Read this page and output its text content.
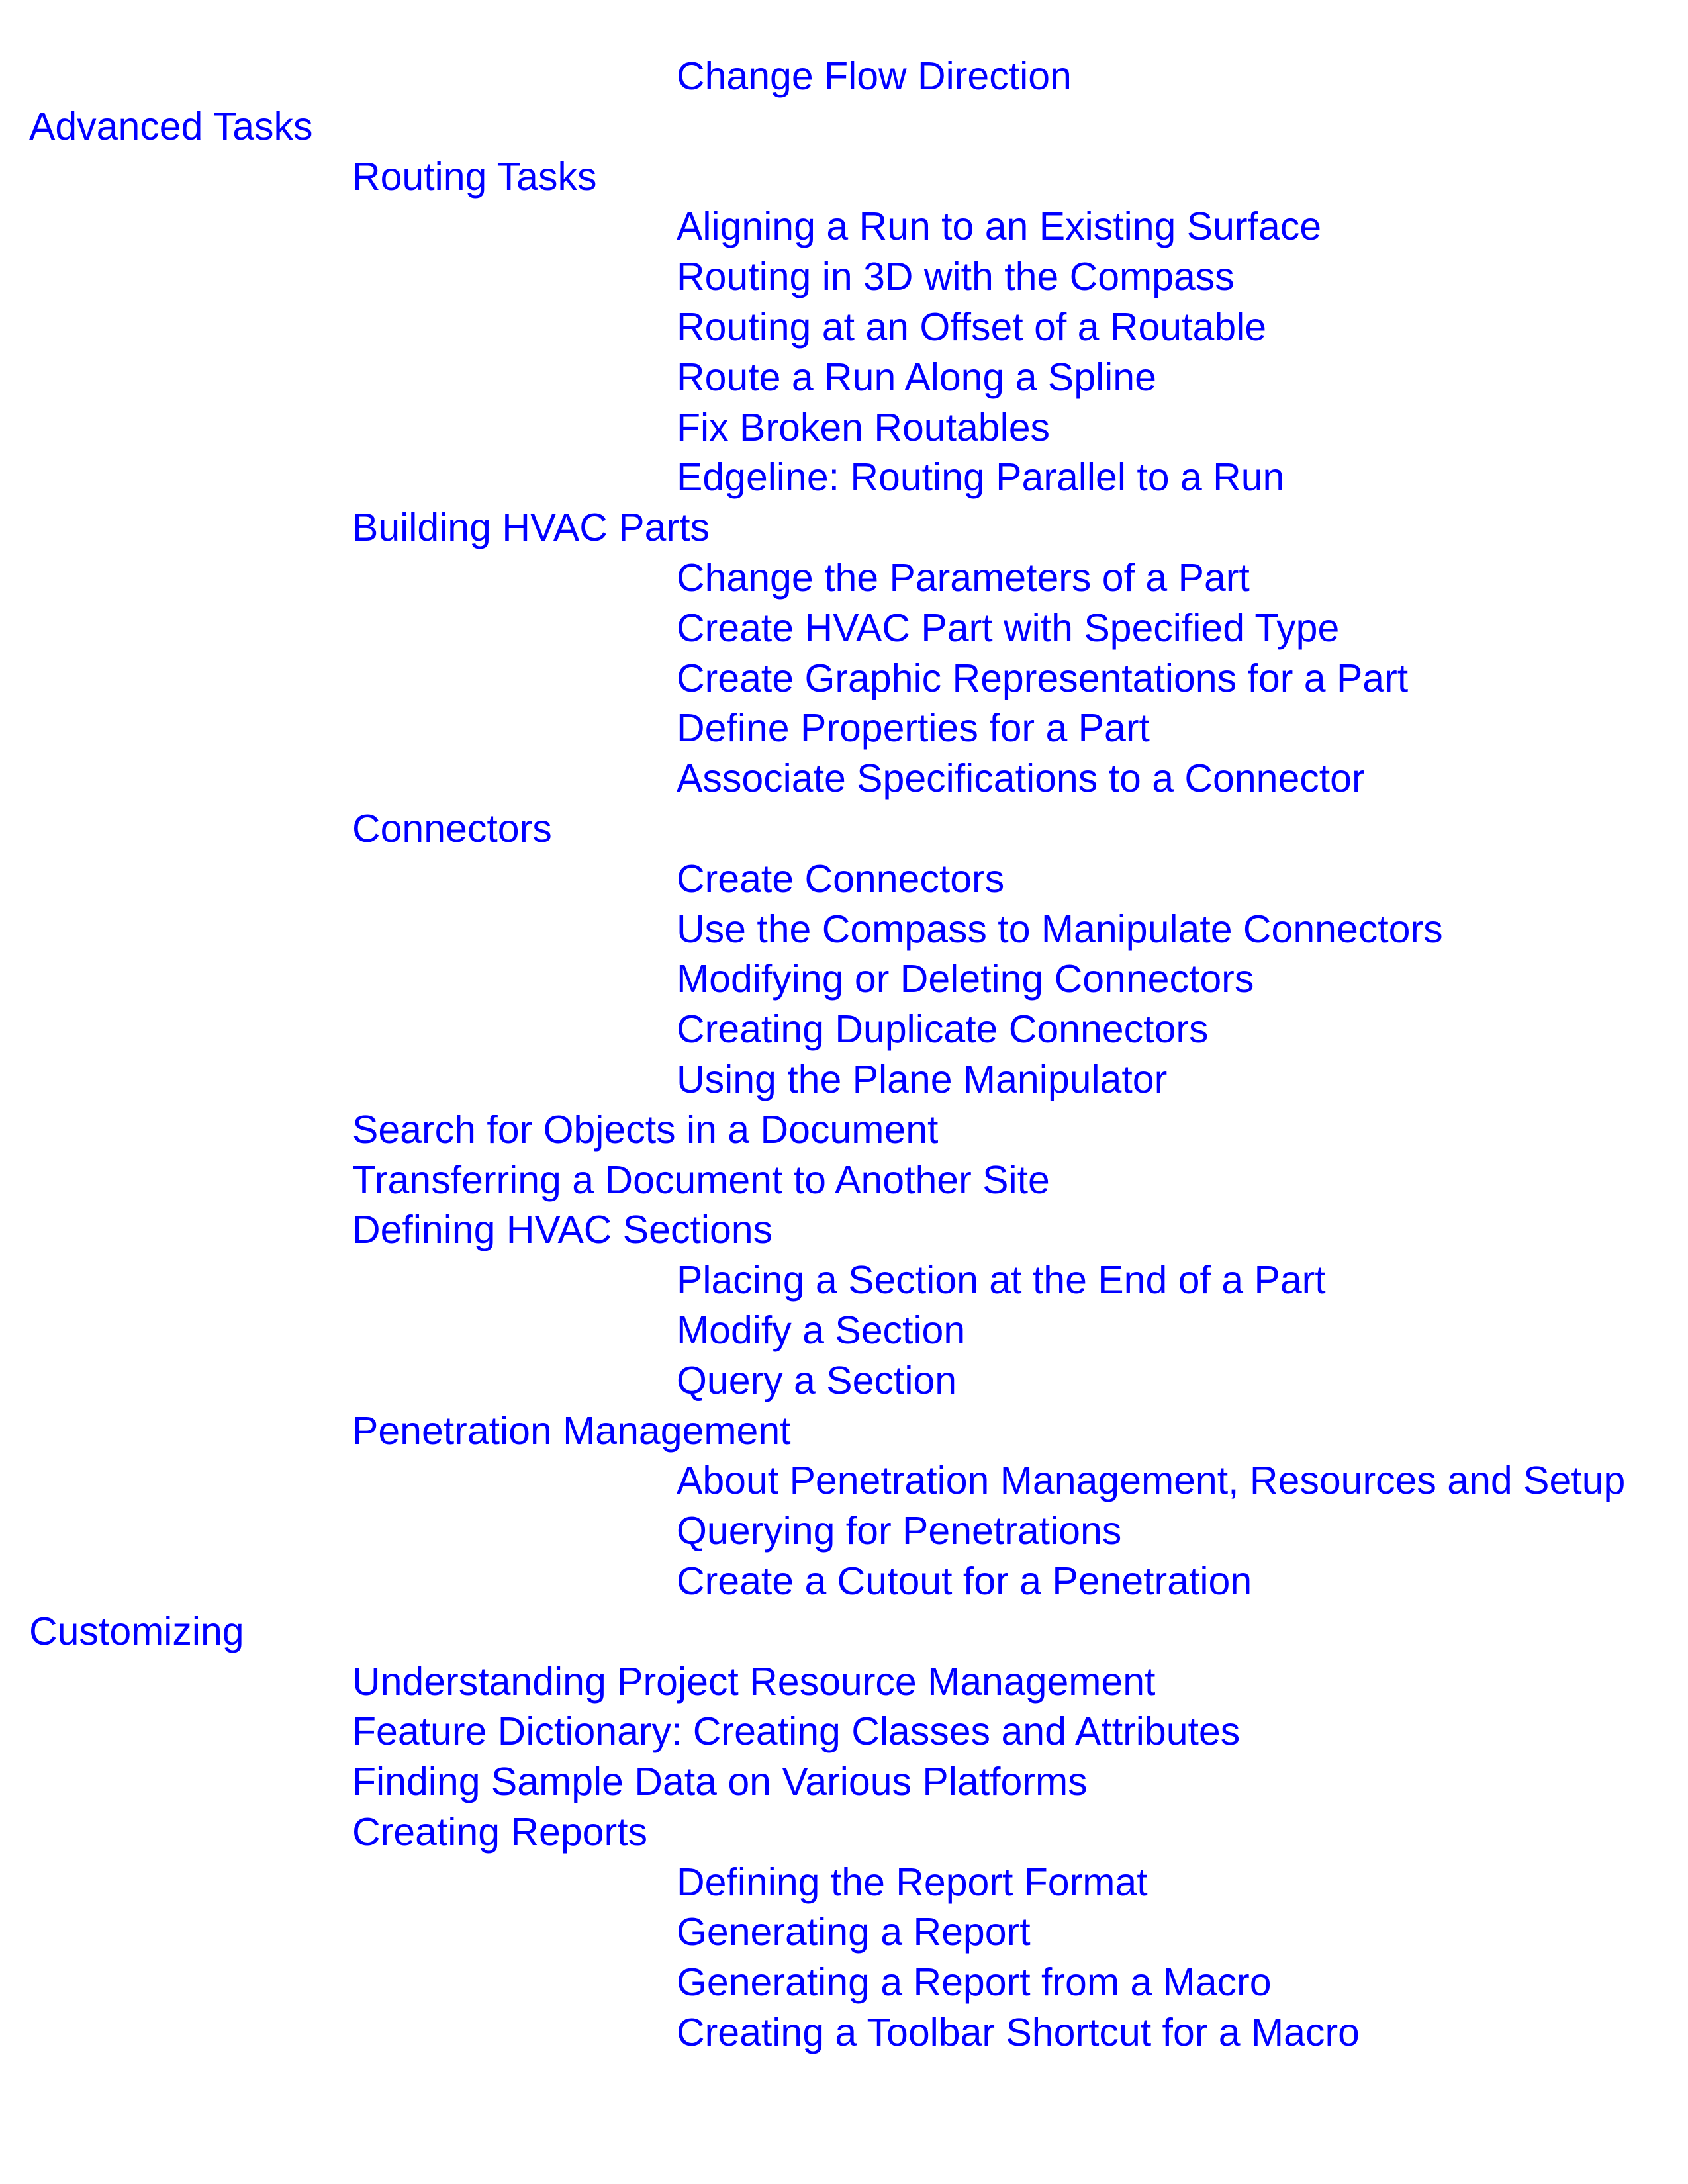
Change Flow Direction
Advanced Tasks
Routing Tasks
Aligning a Run to an Existing Surface
Routing in 3D with the Compass
Routing at an Offset of a Routable
Route a Run Along a Spline
Fix Broken Routables
Edgeline: Routing Parallel to a Run
Building HVAC Parts
Change the Parameters of a Part
Create HVAC Part with Specified Type
Create Graphic Representations for a Part
Define Properties for a Part
Associate Specifications to a Connector
Connectors
Create Connectors
Use the Compass to Manipulate Connectors
Modifying or Deleting Connectors
Creating Duplicate Connectors
Using the Plane Manipulator
Search for Objects in a Document
Transferring a Document to Another Site
Defining HVAC Sections
Placing a Section at the End of a Part
Modify a Section
Query a Section
Penetration Management
About Penetration Management, Resources and Setup
Querying for Penetrations
Create a Cutout for a Penetration
Customizing
Understanding Project Resource Management
Feature Dictionary: Creating Classes and Attributes
Finding Sample Data on Various Platforms
Creating Reports
Defining the Report Format
Generating a Report
Generating a Report from a Macro
Creating a Toolbar Shortcut for a Macro
